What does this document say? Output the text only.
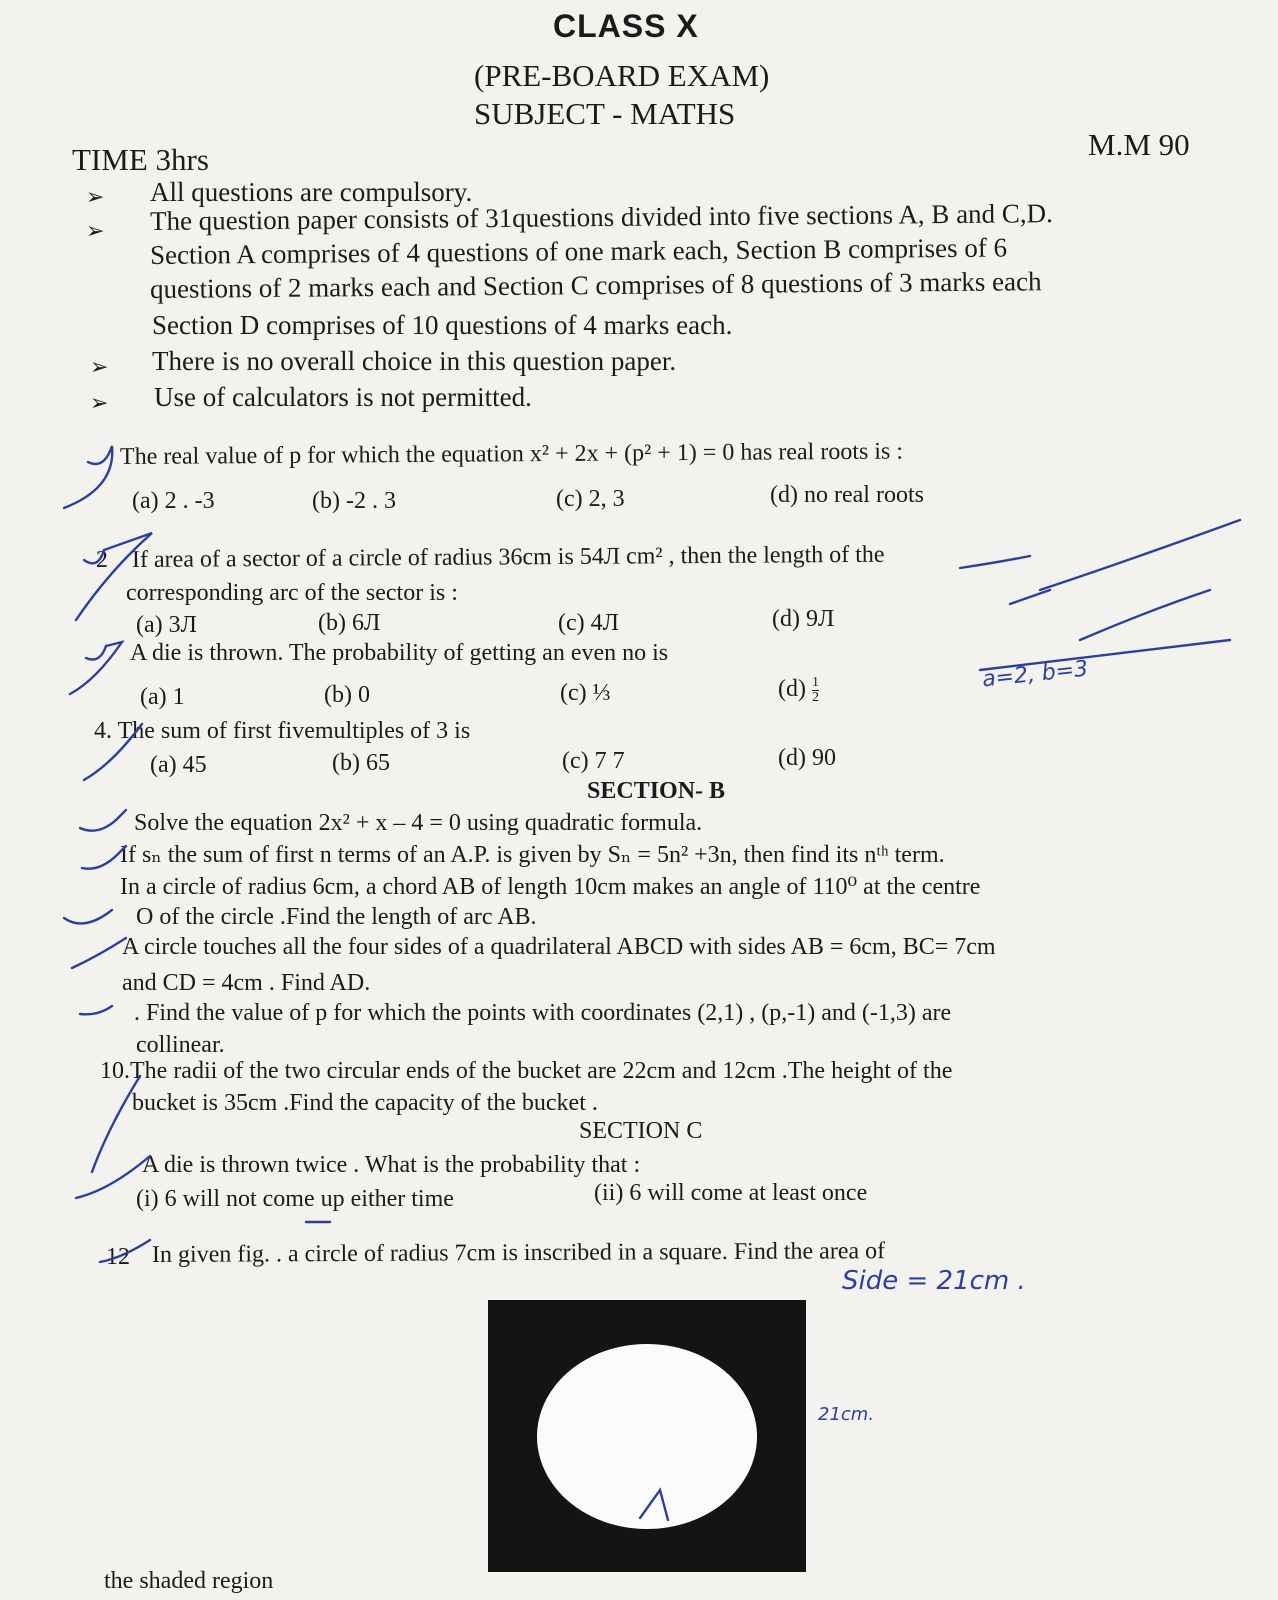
CLASS X
(PRE-BOARD EXAM)
SUBJECT - MATHS
TIME 3hrs	M.M 90
➢ All questions are compulsory.
➢ The question paper consists of 31questions divided into five sections A, B and C,D.
Section A comprises of 4 questions of one mark each, Section B comprises of 6
questions of 2 marks each and Section C comprises of 8 questions of 3 marks each
Section D comprises of 10 questions of 4 marks each.
➢ There is no overall choice in this question paper.
➢ Use of calculators is not permitted.
The real value of p for which the equation x² + 2x + (p² + 1) = 0 has real roots is :
(a) 2 . -3	(b) -2 . 3	(c) 2, 3	(d) no real roots
2 If area of a sector of a circle of radius 36cm is 54Л cm² , then the length of the
corresponding arc of the sector is :
(a) 3Л	(b) 6Л	(c) 4Л	(d) 9Л
A die is thrown. The probability of getting an even no is
(a) 1	(b) 0	(c) ⅓	$(d) \frac{1}{2}$
4. The sum of first fivemultiples of 3 is
(a) 45	(b) 65	(c) 7 7	(d) 90
SECTION- B
Solve the equation 2x² + x – 4 = 0 using quadratic formula.
If sₙ the sum of first n terms of an A.P. is given by Sₙ = 5n² +3n, then find its nᵗʰ term.
In a circle of radius 6cm, a chord AB of length 10cm makes an angle of 110⁰ at the centre
O of the circle .Find the length of arc AB.
A circle touches all the four sides of a quadrilateral ABCD with sides AB = 6cm, BC= 7cm
and CD = 4cm . Find AD.
. Find the value of p for which the points with coordinates (2,1) , (p,-1) and (-1,3) are
collinear.
10.The radii of the two circular ends of the bucket are 22cm and 12cm .The height of the
bucket is 35cm .Find the capacity of the bucket .
SECTION C
A die is thrown twice . What is the probability that :
(i) 6 will not come up either time	(ii) 6 will come at least once
12 In given fig. . a circle of radius 7cm is inscribed in a square. Find the area of
the shaded region
Side = 21cm .
21cm.
a=2, b=3
